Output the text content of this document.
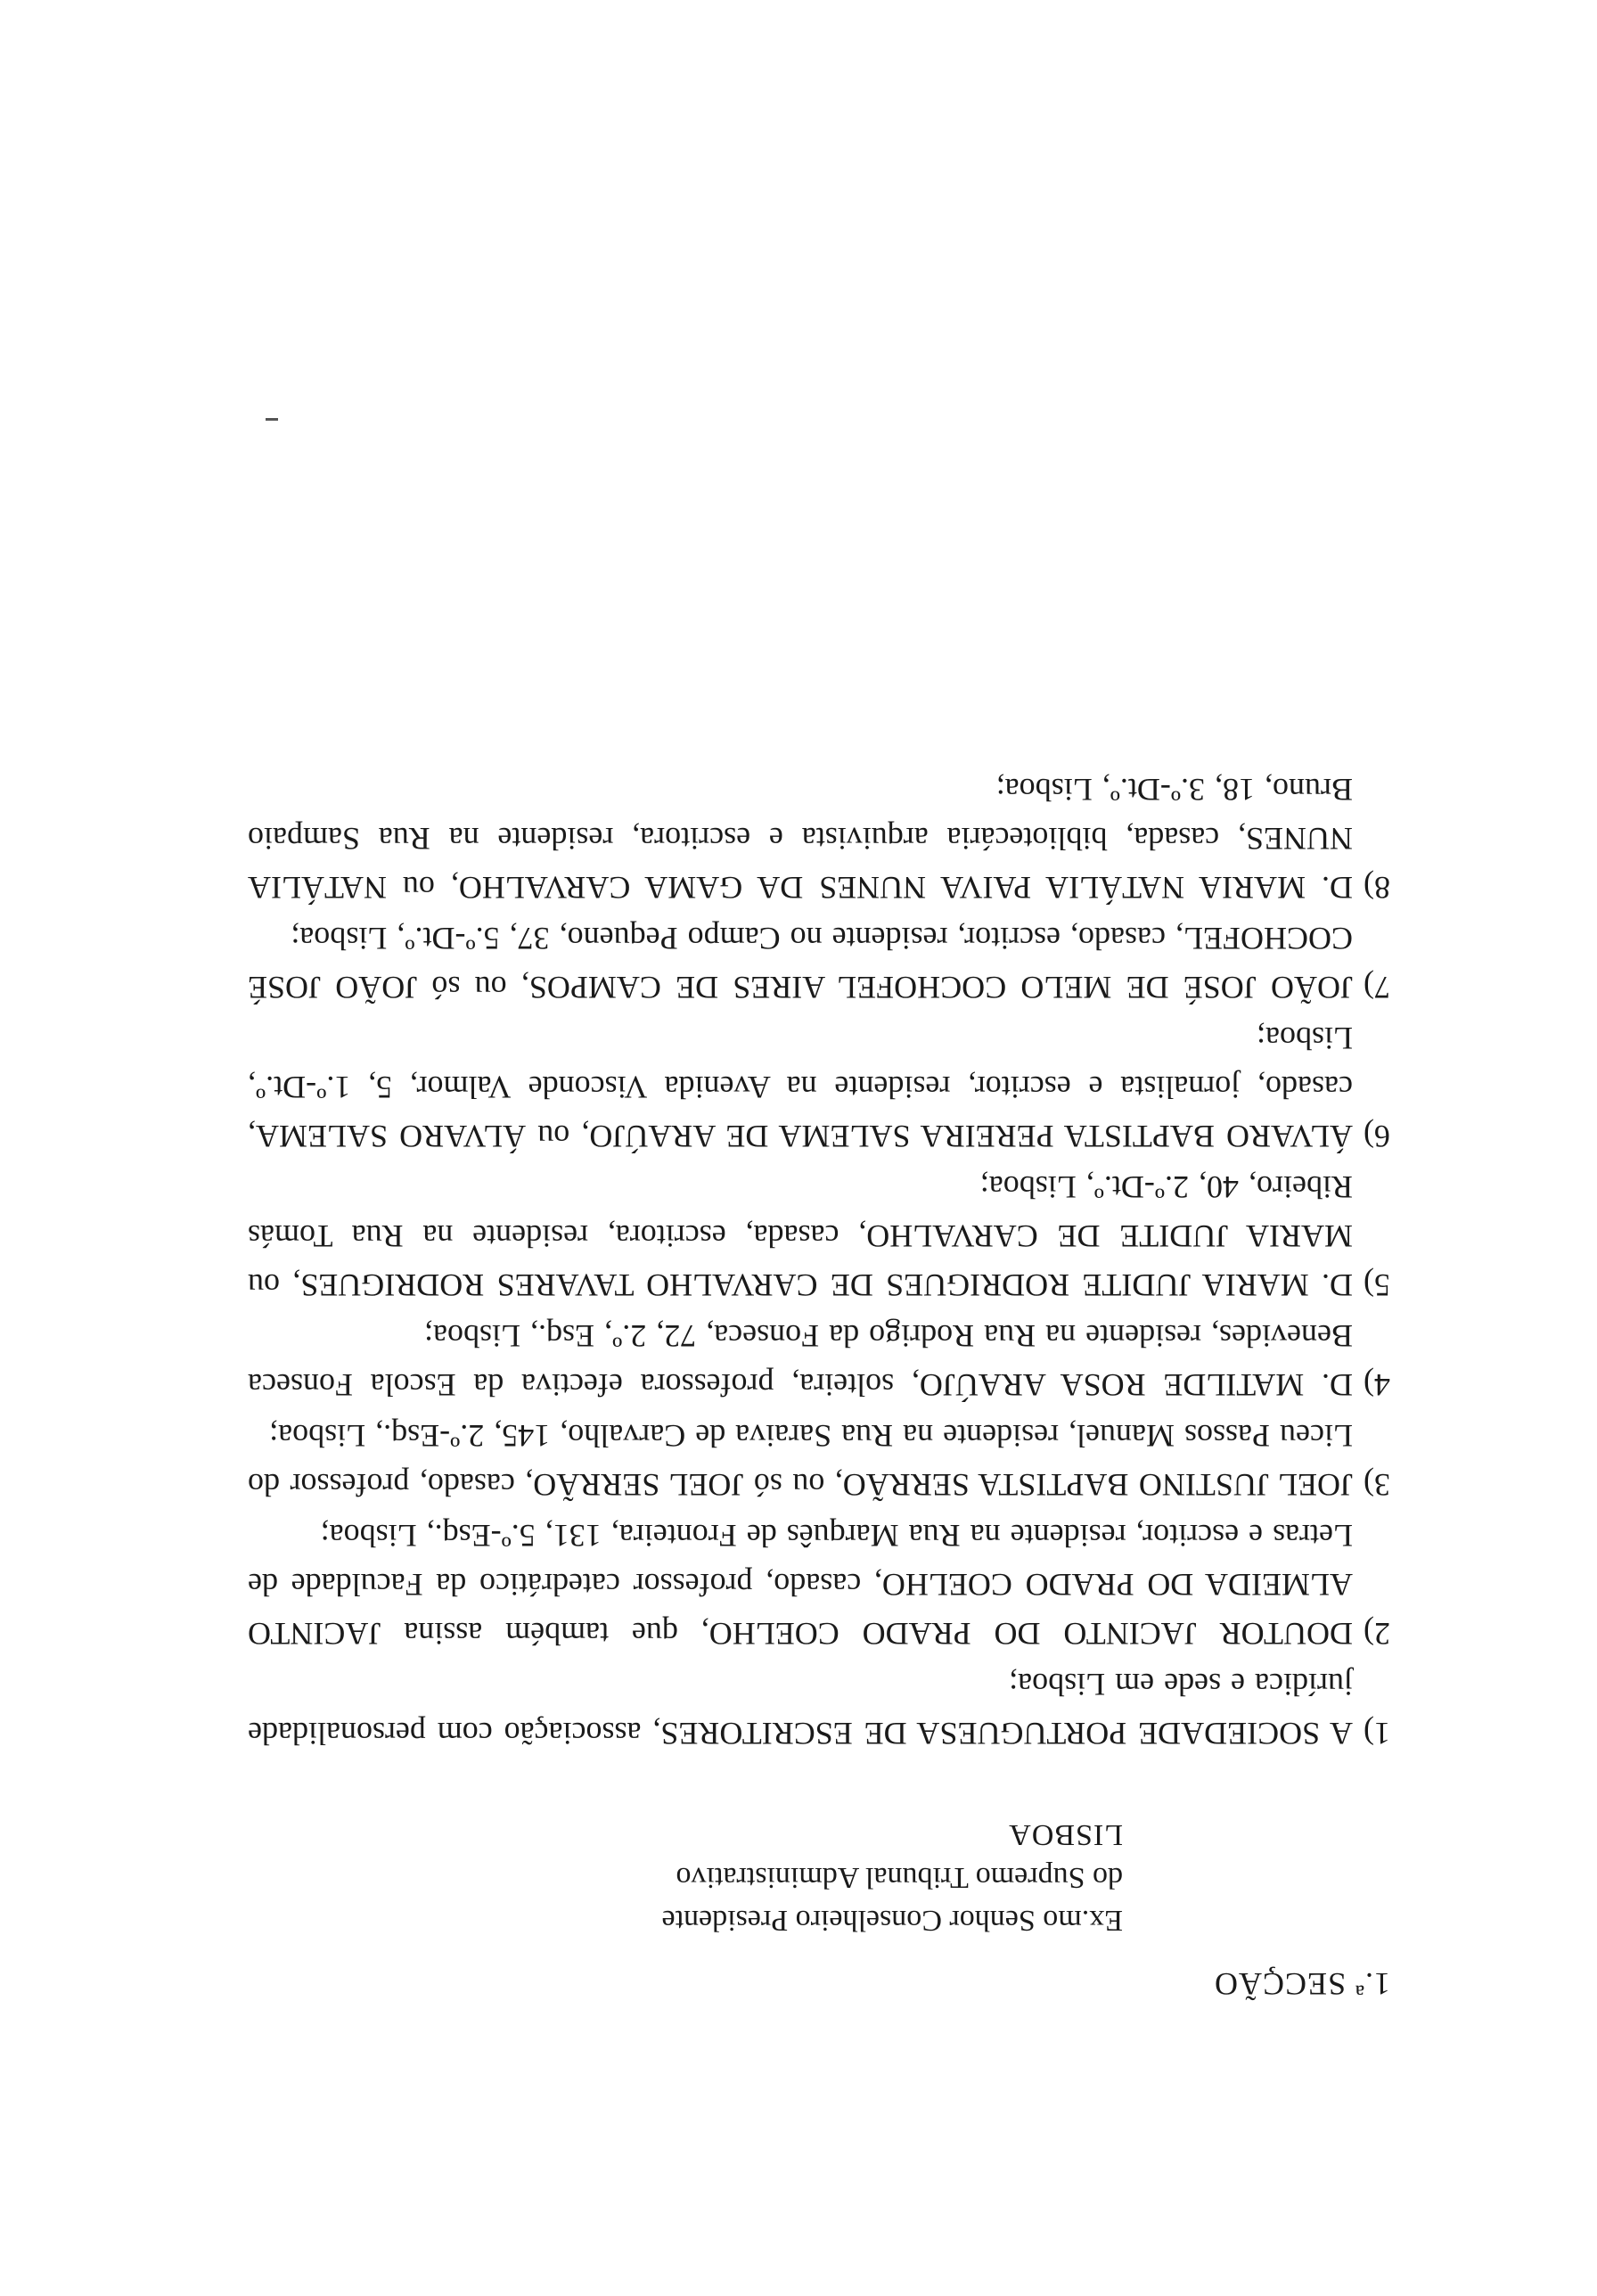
1.ª SECÇÃO
Ex.mo Senhor Conselheiro Presidente
do Supremo Tribunal Administrativo
LISBOA
1)
A SOCIEDADE PORTUGUESA DE ESCRITORES, associação com personalidade jurídica e sede em Lisboa;
2)
DOUTOR JACINTO DO PRADO COELHO, que também assina JACINTO ALMEIDA DO PRADO COELHO, casado, professor catedrático da Faculdade de Letras e escritor, residente na Rua Marquês de Fronteira, 131, 5.º-Esq., Lisboa;
3)
JOEL JUSTINO BAPTISTA SERRÃO, ou só JOEL SERRÃO, casado, professor do Liceu Passos Manuel, residente na Rua Saraiva de Carvalho, 145, 2.º-Esq., Lisboa;
4)
D. MATILDE ROSA ARAÚJO, solteira, professora efectiva da Escola Fonseca Benevides, residente na Rua Rodrigo da Fonseca, 72, 2.º, Esq., Lisboa;
5)
D. MARIA JUDITE RODRIGUES DE CARVALHO TAVARES RODRIGUES, ou MARIA JUDITE DE CARVALHO, casada, escritora, residente na Rua Tomás Ribeiro, 40, 2.º-Dt.º, Lisboa;
6)
ÁLVARO BAPTISTA PEREIRA SALEMA DE ARAÚJO, ou ÁLVARO SALEMA, casado, jornalista e escritor, residente na Avenida Visconde Valmor, 5, 1.º-Dt.º, Lisboa;
7)
JOÃO JOSÉ DE MELO COCHOFEL AIRES DE CAMPOS, ou só JOÃO JOSÉ COCHOFEL, casado, escritor, residente no Campo Pequeno, 37, 5.º-Dt.º, Lisboa;
8)
D. MARIA NATÁLIA PAIVA NUNES DA GAMA CARVALHO, ou NATÁLIA NUNES, casada, bibliotecária arquivista e escritora, residente na Rua Sampaio Bruno, 18, 3.º-Dt.º, Lisboa;
